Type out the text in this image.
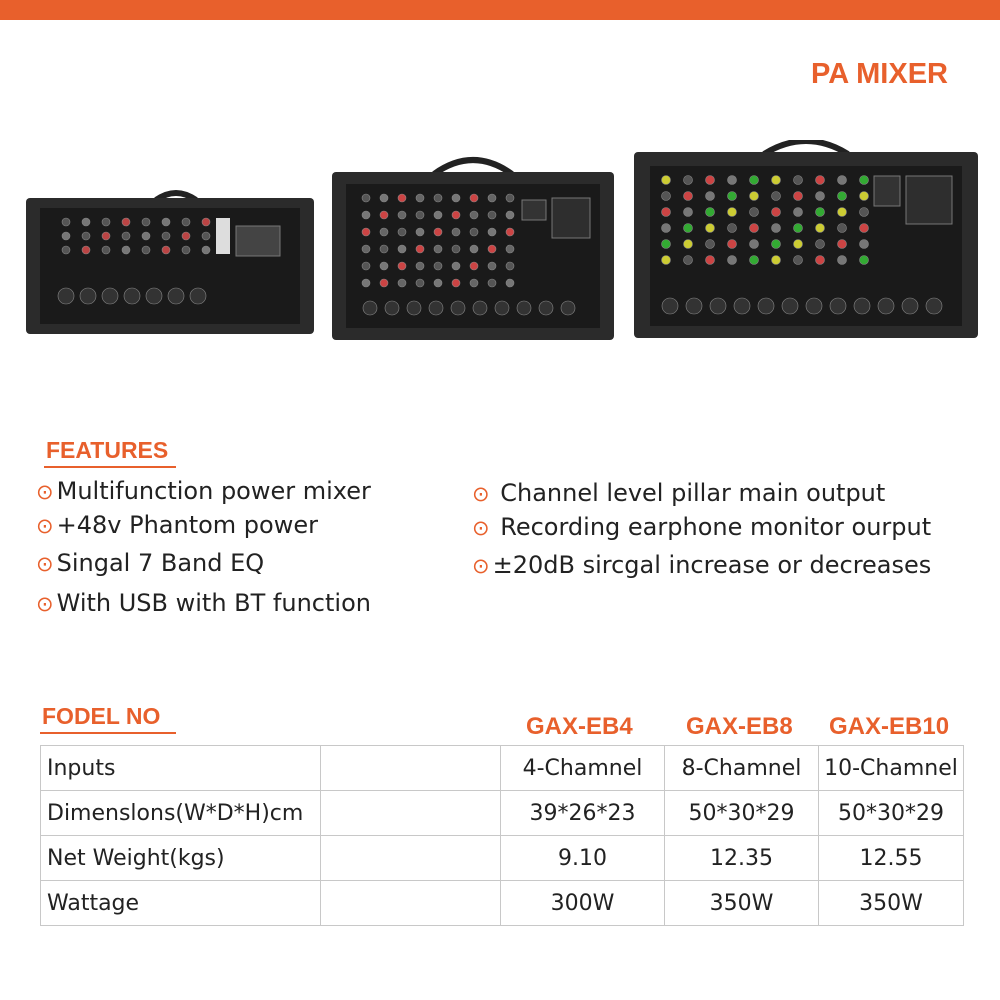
PA MIXER
FEATURES
⊙ Multifunction power mixer
⊙ +48v Phantom power
⊙ Singal 7 Band EQ
⊙ With USB with BT function
⊙ Channel level pillar main output
⊙ Recording earphone monitor ourput
⊙ ±20dB sircgal increase or decreases
FODEL NO	GAX-EB4 GAX-EB8 GAX-EB10
Inputs		4-Chamnel	8-Chamnel	10-Chamnel
Dimenslons(W*D*H)cm		39*26*23	50*30*29	50*30*29
Net Weight(kgs)		9.10	12.35	12.55
Wattage		300W	350W	350W
